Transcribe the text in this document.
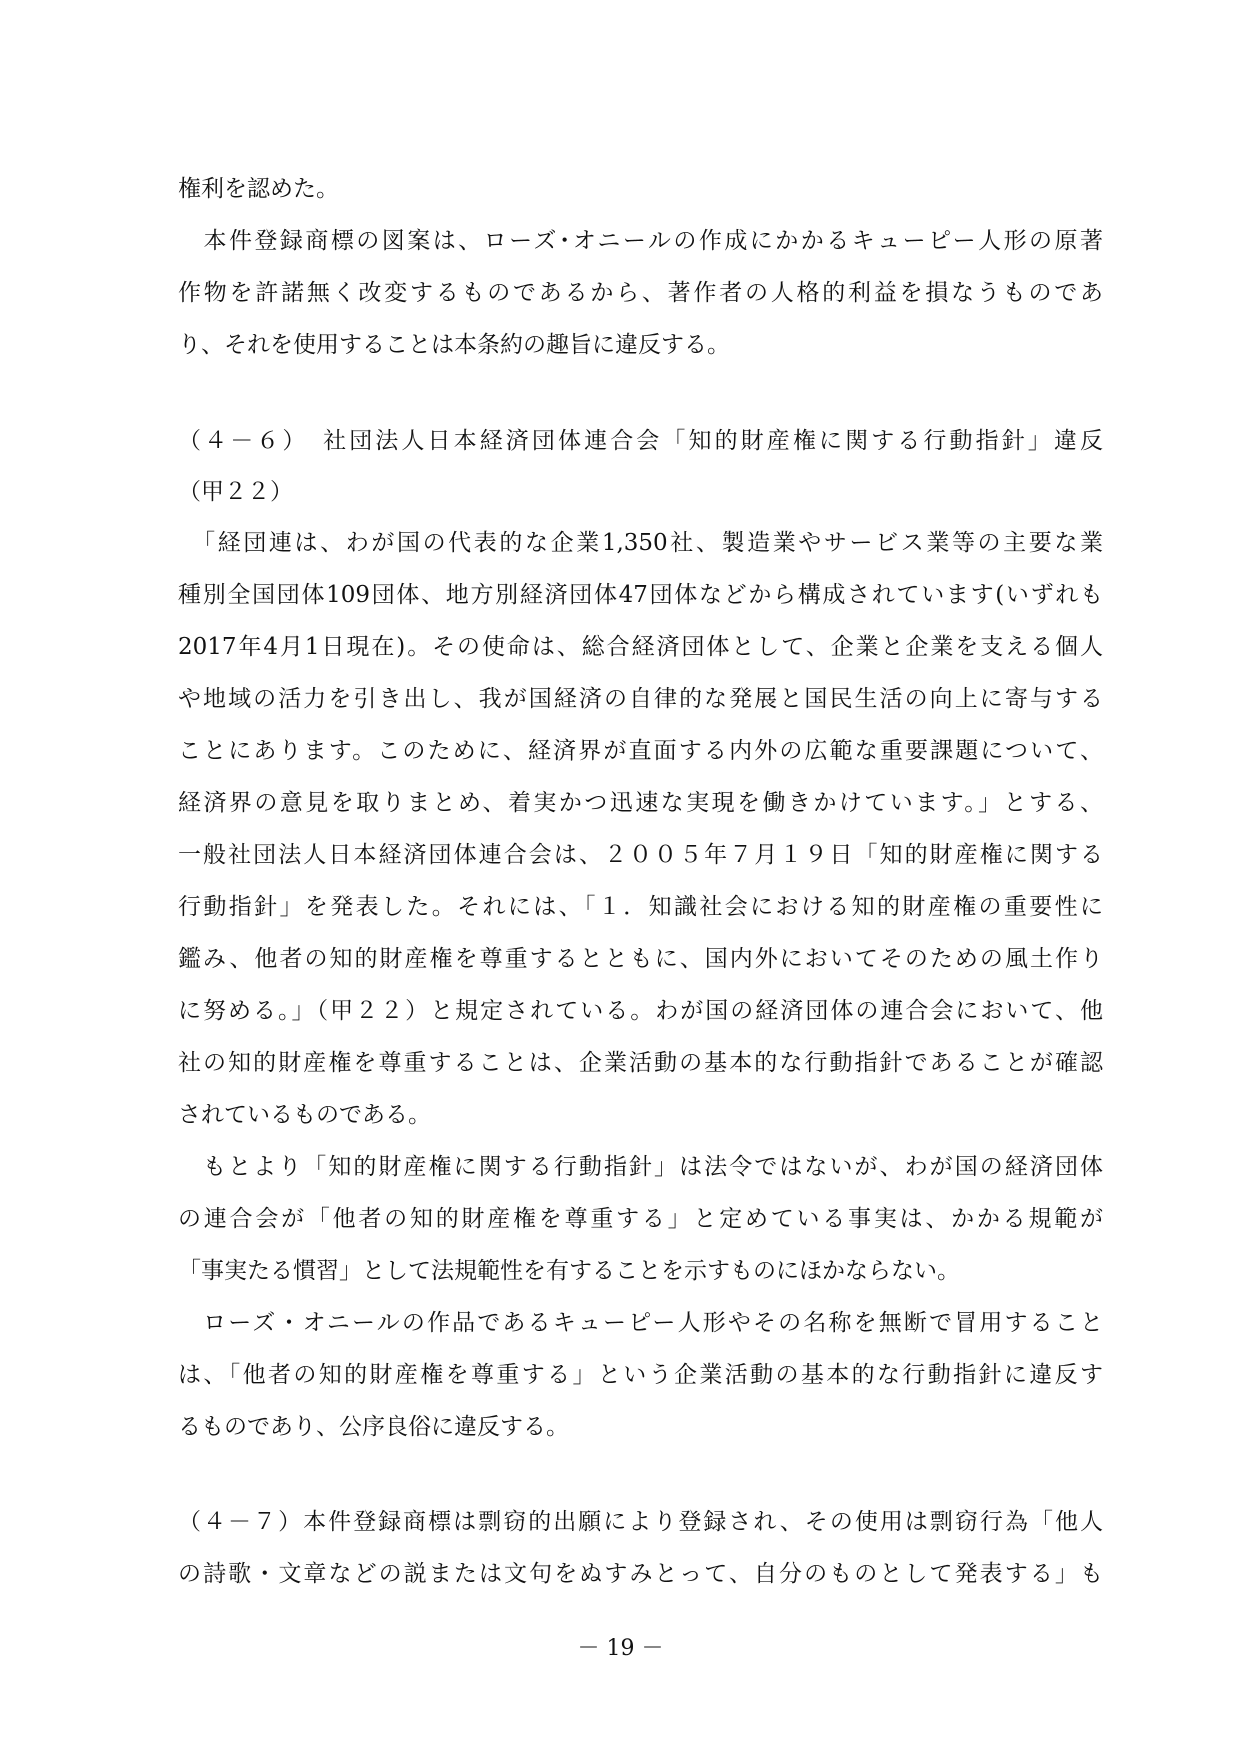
権利を認めた。
　本件登録商標の図案は、ローズ･オニールの作成にかかるキューピー人形の原著
作物を許諾無く改変するものであるから、著作者の人格的利益を損なうものであ
り、それを使用することは本条約の趣旨に違反する。
（４－６）　社団法人日本経済団体連合会「知的財産権に関する行動指針」違反
（甲２２）
　「経団連は、わが国の代表的な企業1,350社、製造業やサービス業等の主要な業
種別全国団体109団体、地方別経済団体47団体などから構成されています(いずれも
2017年4月1日現在)。その使命は、総合経済団体として、企業と企業を支える個人
や地域の活力を引き出し、我が国経済の自律的な発展と国民生活の向上に寄与する
ことにあります。このために、経済界が直面する内外の広範な重要課題について、
経済界の意見を取りまとめ、着実かつ迅速な実現を働きかけています。」とする、
一般社団法人日本経済団体連合会は、２００５年７月１９日「知的財産権に関する
行動指針」を発表した。それには、「１．知識社会における知的財産権の重要性に
鑑み、他者の知的財産権を尊重するとともに、国内外においてそのための風土作り
に努める。」（甲２２）と規定されている。わが国の経済団体の連合会において、他
社の知的財産権を尊重することは、企業活動の基本的な行動指針であることが確認
されているものである。
　もとより「知的財産権に関する行動指針」は法令ではないが、わが国の経済団体
の連合会が「他者の知的財産権を尊重する」と定めている事実は、かかる規範が
「事実たる慣習」として法規範性を有することを示すものにほかならない。
　ローズ・オニールの作品であるキューピー人形やその名称を無断で冒用すること
は、「他者の知的財産権を尊重する」という企業活動の基本的な行動指針に違反す
るものであり、公序良俗に違反する。
（４－７）本件登録商標は剽窃的出願により登録され、その使用は剽窃行為「他人
の詩歌・文章などの説または文句をぬすみとって、自分のものとして発表する」も
－ 19 －
